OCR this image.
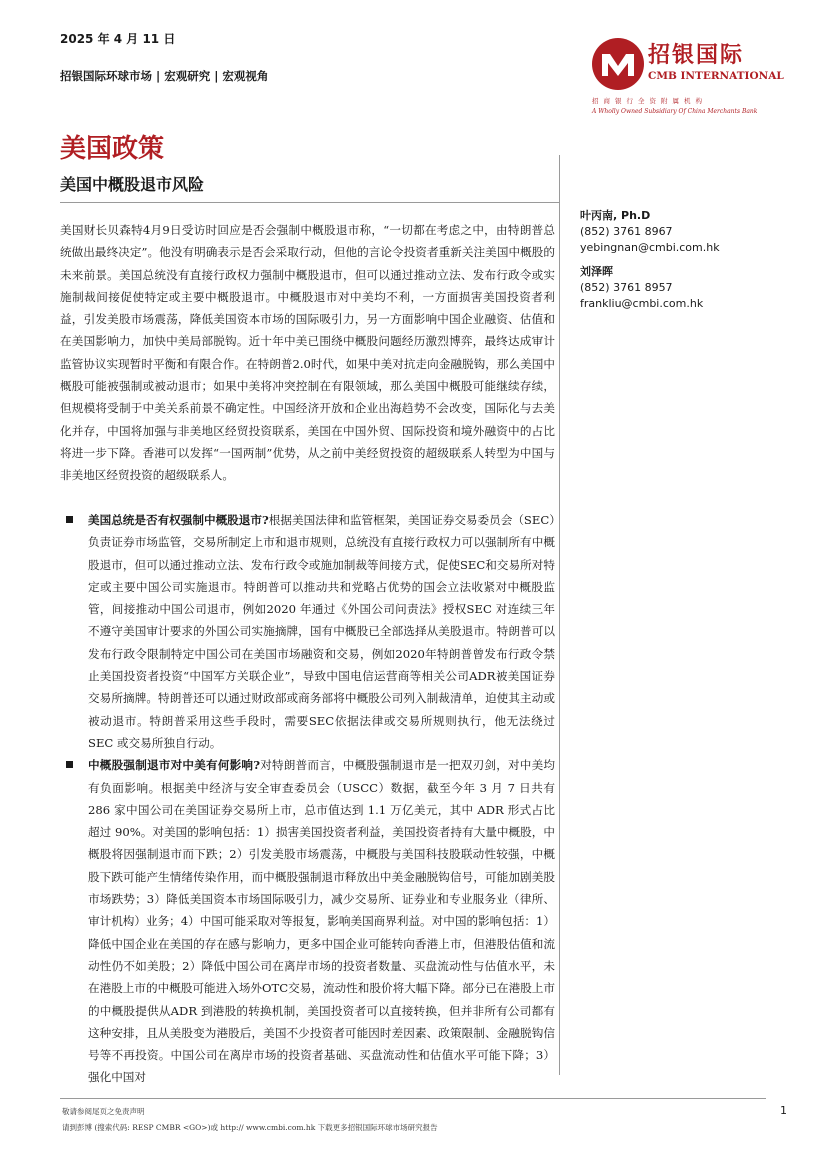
2025 年 4 月 11 日
招银国际环球市场 | 宏观研究 | 宏观视角
招银国际
CMB INTERNATIONAL
招商银行全资附属机构
A Wholly Owned Subsidiary Of China Merchants Bank
美国政策
美国中概股退市风险
叶丙南, Ph.D
(852) 3761 8967
yebingnan@cmbi.com.hk
刘泽晖
(852) 3761 8957
frankliu@cmbi.com.hk

美国财长贝森特4月9日受访时回应是否会强制中概股退市称，“一切都在考虑之中，由特朗普总统做出最终决定”。他没有明确表示是否会采取行动，但他的言论令投资者重新关注美国中概股的未来前景。美国总统没有直接行政权力强制中概股退市，但可以通过推动立法、发布行政令或实施制裁间接促使特定或主要中概股退市。中概股退市对中美均不利，一方面损害美国投资者利益，引发美股市场震荡，降低美国资本市场的国际吸引力，另一方面影响中国企业融资、估值和在美国影响力，加快中美局部脱钩。近十年中美已围绕中概股问题经历激烈博弈，最终达成审计监管协议实现暂时平衡和有限合作。在特朗普2.0时代，如果中美对抗走向金融脱钩，那么美国中概股可能被强制或被动退市；如果中美将冲突控制在有限领域，那么美国中概股可能继续存续，但规模将受制于中美关系前景不确定性。中国经济开放和企业出海趋势不会改变，国际化与去美化并存，中国将加强与非美地区经贸投资联系，美国在中国外贸、国际投资和境外融资中的占比将进一步下降。香港可以发挥“一国两制”优势，从之前中美经贸投资的超级联系人转型为中国与非美地区经贸投资的超级联系人。

美国总统是否有权强制中概股退市?根据美国法律和监管框架，美国证券交易委员会（SEC）负责证券市场监管，交易所制定上市和退市规则，总统没有直接行政权力可以强制所有中概股退市，但可以通过推动立法、发布行政令或施加制裁等间接方式，促使SEC和交易所对特定或主要中国公司实施退市。特朗普可以推动共和党略占优势的国会立法收紧对中概股监管，间接推动中国公司退市，例如2020 年通过《外国公司问责法》授权SEC 对连续三年不遵守美国审计要求的外国公司实施摘牌，国有中概股已全部选择从美股退市。特朗普可以发布行政令限制特定中国公司在美国市场融资和交易，例如2020年特朗普曾发布行政令禁止美国投资者投资“中国军方关联企业”，导致中国电信运营商等相关公司ADR被美国证券交易所摘牌。特朗普还可以通过财政部或商务部将中概股公司列入制裁清单，迫使其主动或被动退市。特朗普采用这些手段时，需要SEC依据法律或交易所规则执行，他无法绕过SEC 或交易所独自行动。
中概股强制退市对中美有何影响?对特朗普而言，中概股强制退市是一把双刃剑，对中美均有负面影响。根据美中经济与安全审查委员会（USCC）数据，截至今年 3 月 7 日共有 286 家中国公司在美国证券交易所上市，总市值达到 1.1 万亿美元，其中 ADR 形式占比超过 90%。对美国的影响包括：1）损害美国投资者利益，美国投资者持有大量中概股，中概股将因强制退市而下跌；2）引发美股市场震荡，中概股与美国科技股联动性较强，中概股下跌可能产生情绪传染作用，而中概股强制退市释放出中美金融脱钩信号，可能加剧美股市场跌势；3）降低美国资本市场国际吸引力，减少交易所、证券业和专业服务业（律所、审计机构）业务；4）中国可能采取对等报复，影响美国商界利益。对中国的影响包括：1）降低中国企业在美国的存在感与影响力，更多中国企业可能转向香港上市，但港股估值和流动性仍不如美股；2）降低中国公司在离岸市场的投资者数量、买盘流动性与估值水平，未在港股上市的中概股可能进入场外OTC交易，流动性和股价将大幅下降。部分已在港股上市的中概股提供从ADR 到港股的转换机制，美国投资者可以直接转换，但并非所有公司都有这种安排，且从美股变为港股后，美国不少投资者可能因时差因素、政策限制、金融脱钩信号等不再投资。中国公司在离岸市场的投资者基础、买盘流动性和估值水平可能下降；3）强化中国对
敬请参阅尾页之免责声明
请到彭博 (搜索代码: RESP CMBR <GO>)或 http:// www.cmbi.com.hk 下载更多招银国际环球市场研究报告
1
